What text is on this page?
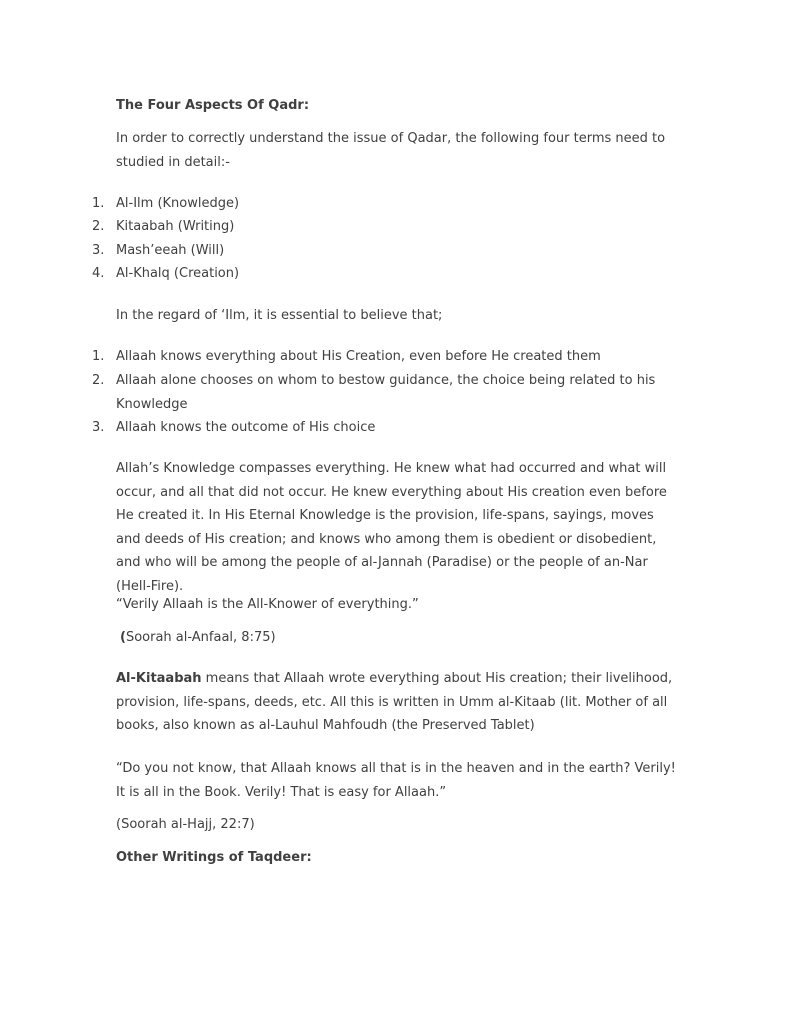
The Four Aspects Of Qadr:

In order to correctly understand the issue of Qadar, the following four terms need to studied in detail:-

1. Al-Ilm (Knowledge)
2. Kitaabah (Writing)
3. Mash’eeah (Will)
4. Al-Khalq (Creation)

In the regard of ‘Ilm, it is essential to believe that;

1. Allaah knows everything about His Creation, even before He created them
2. Allaah alone chooses on whom to bestow guidance, the choice being related to his Knowledge
3. Allaah knows the outcome of His choice

Allah’s Knowledge compasses everything. He knew what had occurred and what will occur, and all that did not occur. He knew everything about His creation even before He created it. In His Eternal Knowledge is the provision, life-spans, sayings, moves and deeds of His creation; and knows who among them is obedient or disobedient, and who will be among the people of al-Jannah (Paradise) or the people of an-Nar (Hell-Fire).

“Verily Allaah is the All-Knower of everything.”

(Soorah al-Anfaal, 8:75)

Al-Kitaabah means that Allaah wrote everything about His creation; their livelihood, provision, life-spans, deeds, etc. All this is written in Umm al-Kitaab (lit. Mother of all books, also known as al-Lauhul Mahfoudh (the Preserved Tablet)

“Do you not know, that Allaah knows all that is in the heaven and in the earth? Verily! It is all in the Book. Verily! That is easy for Allaah.”

(Soorah al-Hajj, 22:7)

Other Writings of Taqdeer:
